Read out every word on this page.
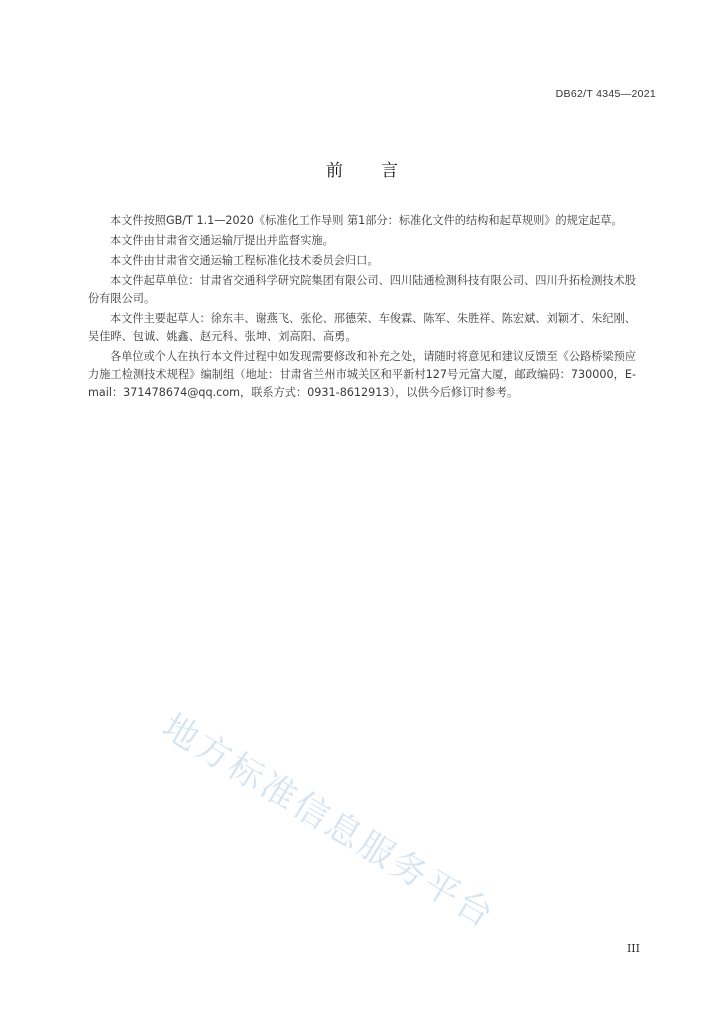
DB62/T 4345—2021
前言

本文件按照GB/T 1.1—2020《标准化工作导则 第1部分：标准化文件的结构和起草规则》的规定起草。

本文件由甘肃省交通运输厅提出并监督实施。

本文件由甘肃省交通运输工程标准化技术委员会归口。

本文件起草单位：甘肃省交通科学研究院集团有限公司、四川陆通检测科技有限公司、四川升拓检测技术股份有限公司。

本文件主要起草人：徐东丰、谢燕飞、张伦、邢德荣、车俊霖、陈军、朱胜祥、陈宏斌、刘颖才、朱纪刚、吴佳晔、包诚、姚鑫、赵元科、张坤、刘高阳、高勇。

各单位或个人在执行本文件过程中如发现需要修改和补充之处，请随时将意见和建议反馈至《公路桥梁预应力施工检测技术规程》编制组（地址：甘肃省兰州市城关区和平新村127号元富大厦，邮政编码：730000，E-mail：371478674@qq.com，联系方式：0931-8612913），以供今后修订时参考。

地方标准信息服务平台
III
